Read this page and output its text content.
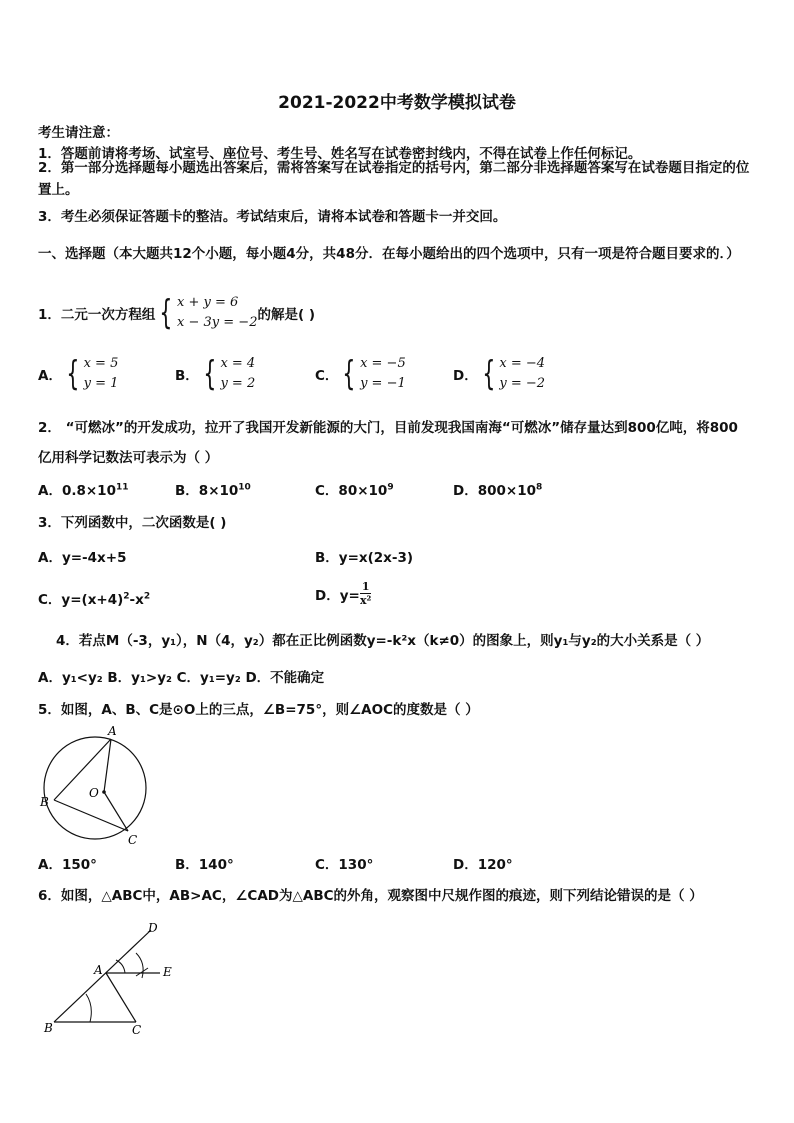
2021-2022中考数学模拟试卷
考生请注意：
1．答题前请将考场、试室号、座位号、考生号、姓名写在试卷密封线内，不得在试卷上作任何标记。
2．第一部分选择题每小题选出答案后，需将答案写在试卷指定的括号内，第二部分非选择题答案写在试卷题目指定的位置上。
3．考生必须保证答题卡的整洁。考试结束后，请将本试卷和答题卡一并交回。
一、选择题（本大题共12个小题，每小题4分，共48分．在每小题给出的四个选项中，只有一项是符合题目要求的．）
1．二元一次方程组 { x + y = 6
x − 3y = −2 的解是( )
A． { x = 5
y = 1	B． { x = 4
y = 2	C． { x = −5
y = −1	D． { x = −4
y = −2
2． “可燃冰”的开发成功，拉开了我国开发新能源的大门，目前发现我国南海“可燃冰”储存量达到800亿吨，将800
亿用科学记数法可表示为（ ）
A．$0.8\times 10^{11}$	B．$8\times 10^{10}$	C．$80\times 10^9$	D．$800\times 10^8$
3．下列函数中，二次函数是( )
A．y=-4x+5	B．y=x(2x-3)
C．$y=(x+4)^2-x^2$	D．$y= \frac{1}{\text{x²}}$
4．若点M（-3，y₁），N（4，y₂）都在正比例函数y=-k²x（k≠0）的图象上，则y₁与y₂的大小关系是（ ）
A．y₁<y₂ B．y₁>y₂ C．y₁=y₂ D．不能确定
5．如图，A、B、C是⊙O上的三点，∠B=75°，则∠AOC的度数是（ ）
A
B
C
O
A．150°	B．140°	C．130°	D．120°
6．如图，△ABC中，AB>AC，∠CAD为△ABC的外角，观察图中尺规作图的痕迹，则下列结论错误的是（ ）
D
A	E
B	C
